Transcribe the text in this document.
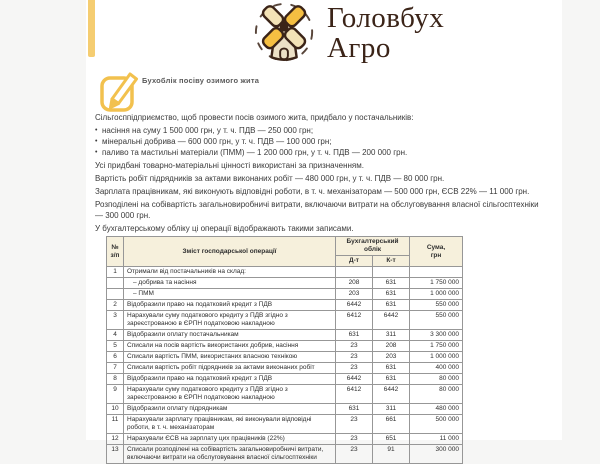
Головбух
Агро
Бухоблік посіву озимого жита

Сільгосппідприємство, щоб провести посів озимого жита, придбало у постачальників:

• насіння на суму 1 500 000 грн, у т. ч. ПДВ — 250 000 грн;
• мінеральні добрива — 600 000 грн, у т. ч. ПДВ — 100 000 грн;
• паливо та мастильні матеріали (ПММ) — 1 200 000 грн, у т. ч. ПДВ — 200 000 грн.

Усі придбані товарно-матеріальні цінності використані за призначенням.

Вартість робіт підрядників за актами виконаних робіт — 480 000 грн, у т. ч. ПДВ — 80 000 грн.

Зарплата працівникам, які виконують відповідні роботи, в т. ч. механізаторам — 500 000 грн, ЄСВ 22% — 11 000 грн.

Розподілені на собівартість загальновиробничі витрати, включаючи витрати на обслуговування власної сільгосптехніки — 300 000 грн.

У бухгалтерському обліку ці операції відображають такими записами.

№ з/п	Зміст господарської операції	Бухгалтерський облік		Сума, грн
		Д-т	К-т	
1	Отримали від постачальників на склад:			
	– добрива та насіння	208	631	1 750 000
	– ПММ	203	631	1 000 000
2	Відобразили право на податковий кредит з ПДВ	6442	631	550 000
3	Нарахували суму податкового кредиту з ПДВ згідно з зареєстрованою в ЄРПН податковою накладною	6412	6442	550 000
4	Відобразили оплату постачальникам	631	311	3 300 000
5	Списали на посів вартість використаних добрив, насіння	23	208	1 750 000
6	Списали вартість ПММ, використаних власною технікою	23	203	1 000 000
7	Списали вартість робіт підрядників за актами виконаних робіт	23	631	400 000
8	Відобразили право на податковий кредит з ПДВ	6442	631	80 000
9	Нарахували суму податкового кредиту з ПДВ згідно з зареєстрованою в ЄРПН податковою накладною	6412	6442	80 000
10	Відобразили оплату підрядникам	631	311	480 000
11	Нарахували зарплату працівникам, які виконували відповідні роботи, в т. ч. механізаторам	23	661	500 000
12	Нарахували ЄСВ на зарплату цих працівників (22%)	23	651	11 000
13	Списали розподілені на собівартість загальновиробничі витрати, включаючи витрати на обслуговування власної сільгосптехніки	23	91	300 000
